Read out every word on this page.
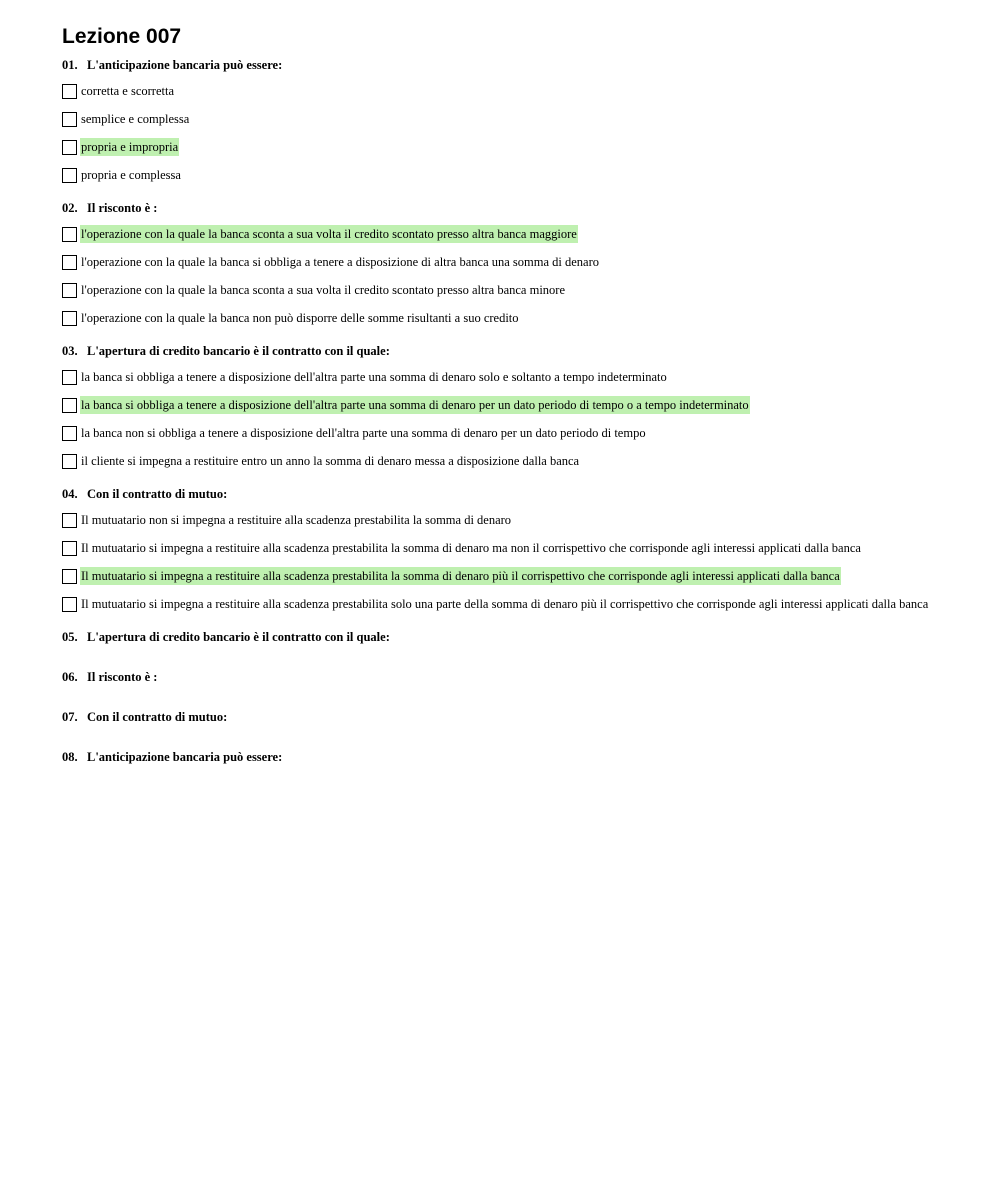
Lezione 007
01. L'anticipazione bancaria può essere:
corretta e scorretta
semplice e complessa
propria e impropria
propria e complessa
02. Il risconto è :
l'operazione con la quale la banca sconta a sua volta il credito scontato presso altra banca maggiore
l'operazione con la quale la banca si obbliga a tenere a disposizione di altra banca una somma di denaro
l'operazione con la quale la banca sconta a sua volta il credito scontato presso altra banca minore
l'operazione con la quale la banca non può disporre delle somme risultanti a suo credito
03. L'apertura di credito bancario è il contratto con il quale:
la banca si obbliga a tenere a disposizione dell'altra parte una somma di denaro solo e soltanto a tempo indeterminato
la banca si obbliga a tenere a disposizione dell'altra parte una somma di denaro per un dato periodo di tempo o a tempo indeterminato
la banca non si obbliga a tenere a disposizione dell'altra parte una somma di denaro per un dato periodo di tempo
il cliente si impegna a restituire entro un anno la somma di denaro messa a disposizione dalla banca
04. Con il contratto di mutuo:
Il mutuatario non si impegna a restituire alla scadenza prestabilita la somma di denaro
Il mutuatario si impegna a restituire alla scadenza prestabilita la somma di denaro ma non il corrispettivo che corrisponde agli interessi applicati dalla banca
Il mutuatario si impegna a restituire alla scadenza prestabilita la somma di denaro più il corrispettivo che corrisponde agli interessi applicati dalla banca
Il mutuatario si impegna a restituire alla scadenza prestabilita solo una parte della somma di denaro più il corrispettivo che corrisponde agli interessi applicati dalla banca
05. L'apertura di credito bancario è il contratto con il quale:
06. Il risconto è :
07. Con il contratto di mutuo:
08. L'anticipazione bancaria può essere:
